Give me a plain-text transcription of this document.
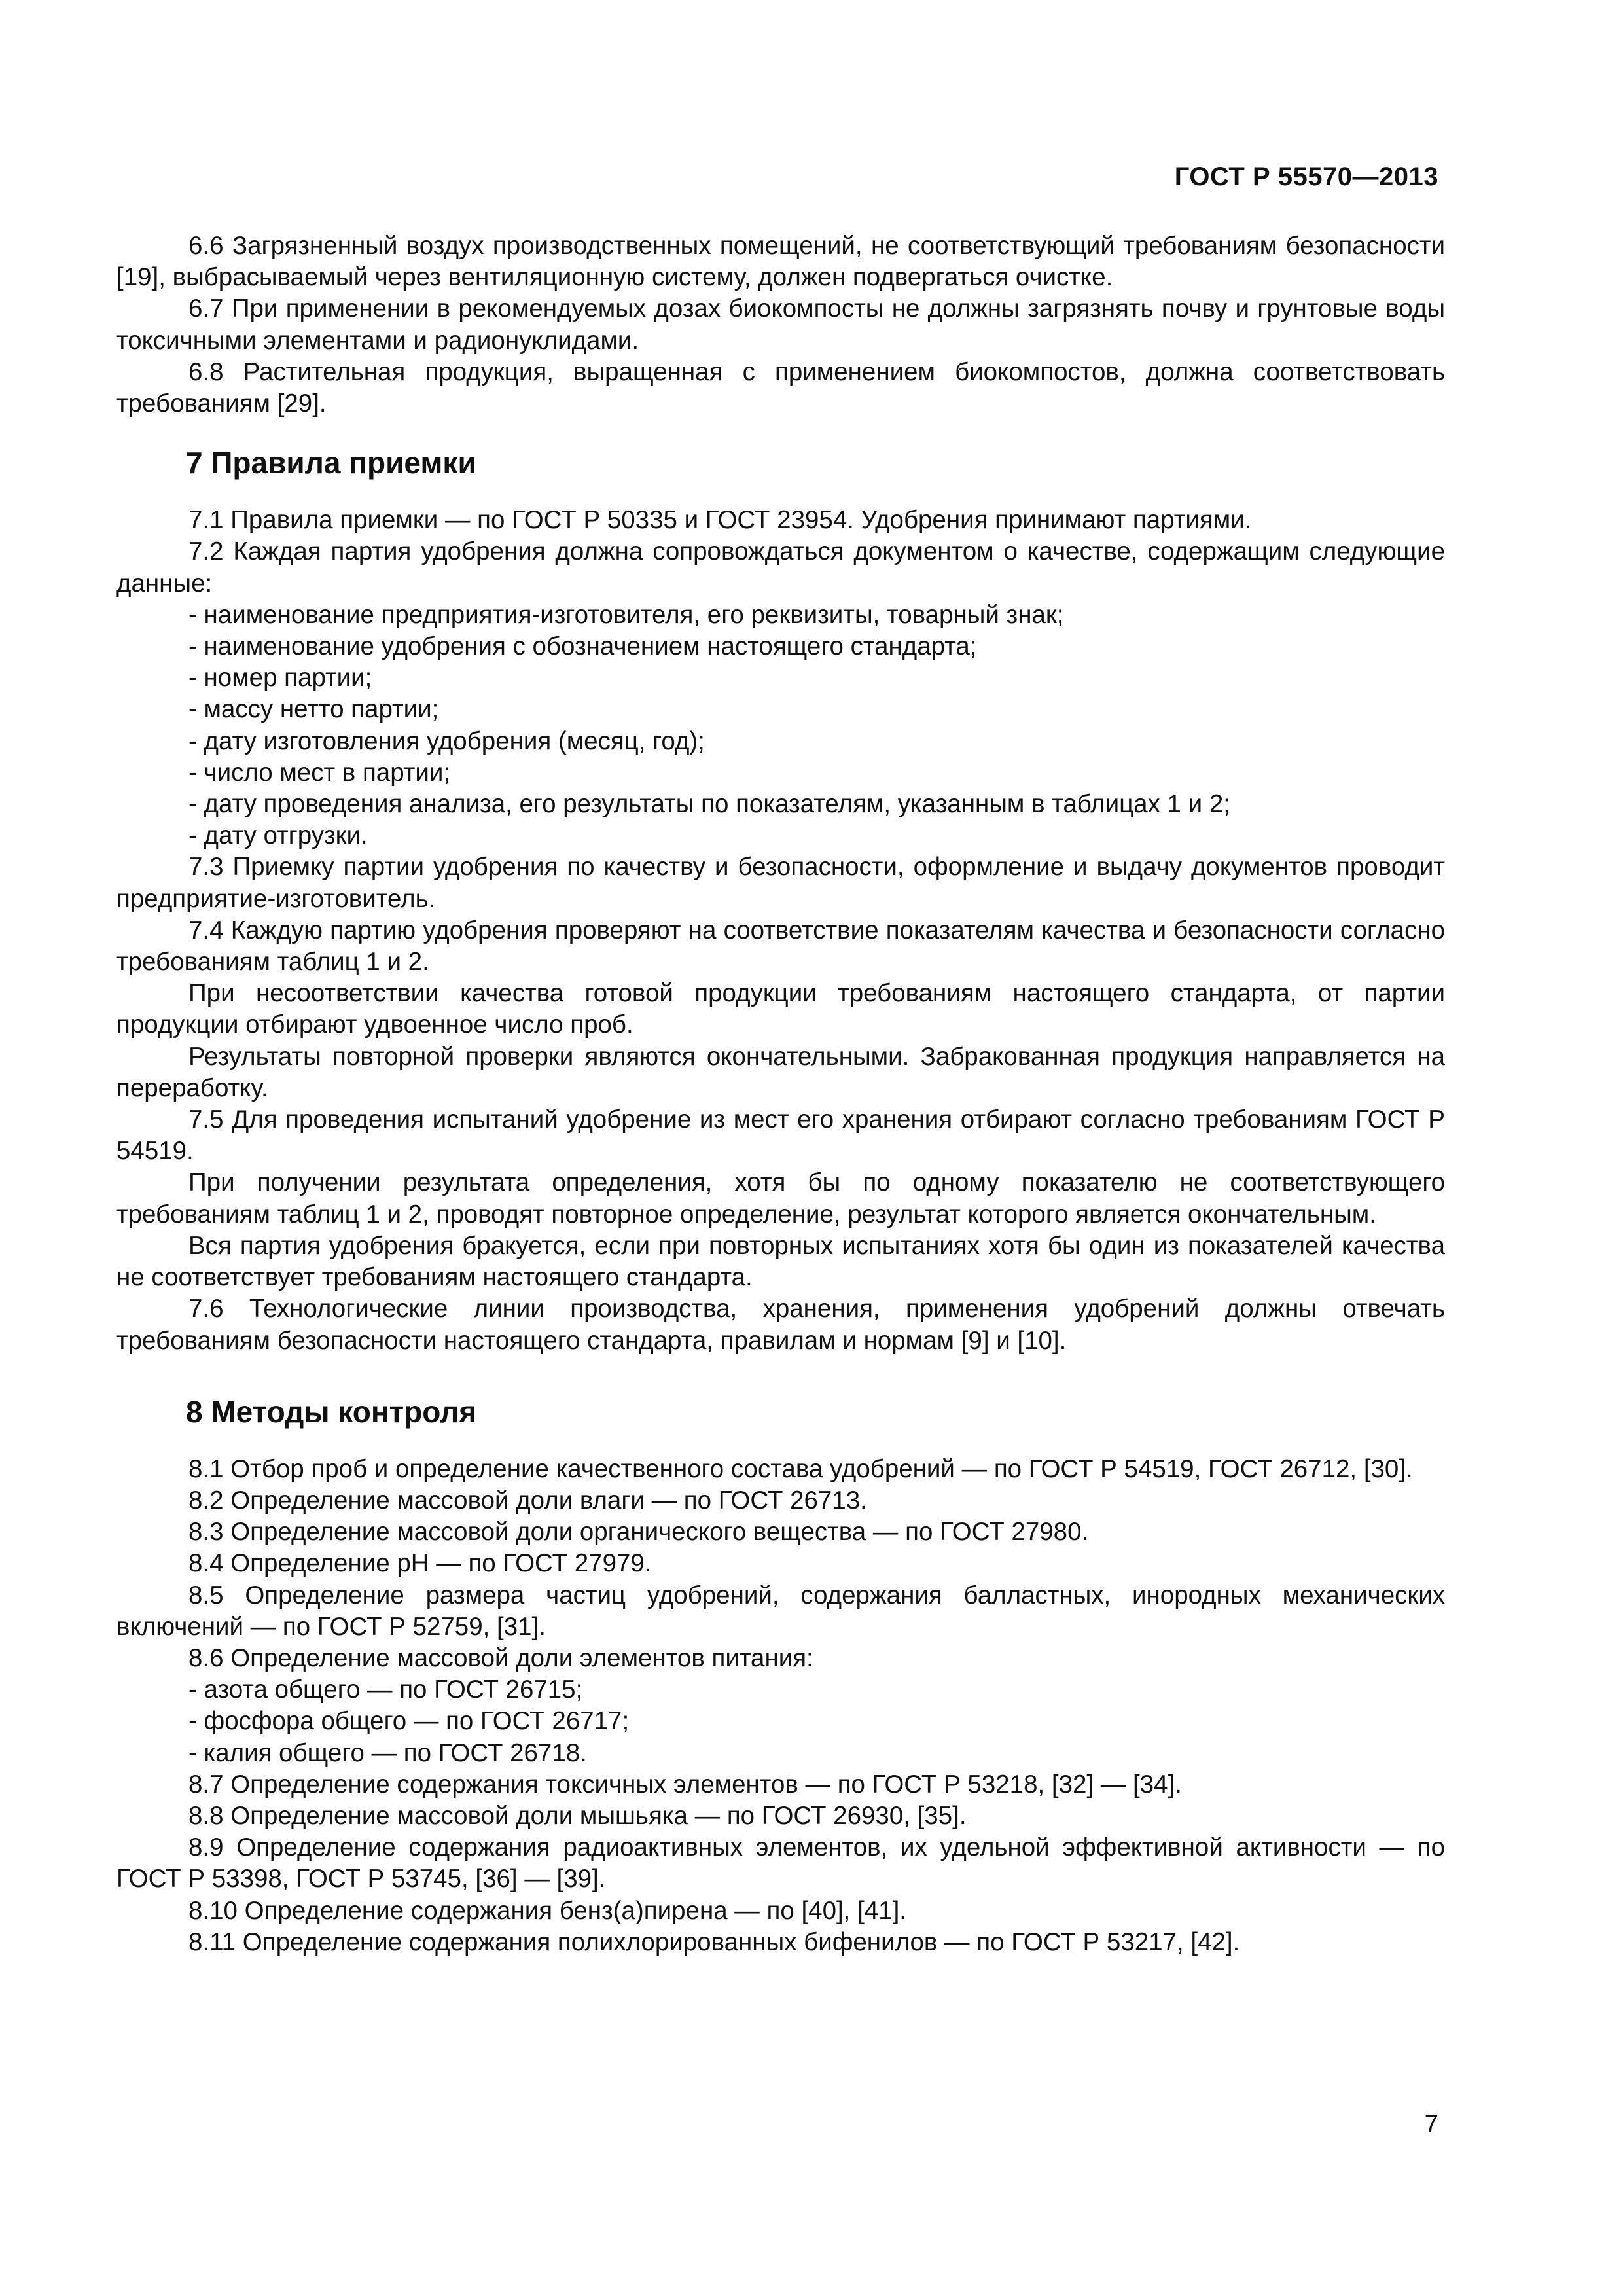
ГОСТ Р 55570—2013

6.6 Загрязненный воздух производственных помещений, не соответствующий требованиям безопасности [19], выбрасываемый через вентиляционную систему, должен подвергаться очистке.

6.7 При применении в рекомендуемых дозах биокомпосты не должны загрязнять почву и грунтовые воды токсичными элементами и радионуклидами.

6.8 Растительная продукция, выращенная с применением биокомпостов, должна соответствовать требованиям [29].

7 Правила приемки

7.1 Правила приемки — по ГОСТ Р 50335 и ГОСТ 23954. Удобрения принимают партиями.

7.2 Каждая партия удобрения должна сопровождаться документом о качестве, содержащим следующие данные:

- наименование предприятия-изготовителя, его реквизиты, товарный знак;

- наименование удобрения с обозначением настоящего стандарта;

- номер партии;

- массу нетто партии;

- дату изготовления удобрения (месяц, год);

- число мест в партии;

- дату проведения анализа, его результаты по показателям, указанным в таблицах 1 и 2;

- дату отгрузки.

7.3 Приемку партии удобрения по качеству и безопасности, оформление и выдачу документов проводит предприятие-изготовитель.

7.4 Каждую партию удобрения проверяют на соответствие показателям качества и безопасности согласно требованиям таблиц 1 и 2.

При несоответствии качества готовой продукции требованиям настоящего стандарта, от партии продукции отбирают удвоенное число проб.

Результаты повторной проверки являются окончательными. Забракованная продукция направляется на переработку.

7.5 Для проведения испытаний удобрение из мест его хранения отбирают согласно требованиям ГОСТ Р 54519.

При получении результата определения, хотя бы по одному показателю не соответствующего требованиям таблиц 1 и 2, проводят повторное определение, результат которого является окончательным.

Вся партия удобрения бракуется, если при повторных испытаниях хотя бы один из показателей качества не соответствует требованиям настоящего стандарта.

7.6 Технологические линии производства, хранения, применения удобрений должны отвечать требованиям безопасности настоящего стандарта, правилам и нормам [9] и [10].

8 Методы контроля

8.1 Отбор проб и определение качественного состава удобрений — по ГОСТ Р 54519, ГОСТ 26712, [30].

8.2 Определение массовой доли влаги — по ГОСТ 26713.

8.3 Определение массовой доли органического вещества — по ГОСТ 27980.

8.4 Определение рН — по ГОСТ 27979.

8.5 Определение размера частиц удобрений, содержания балластных, инородных механических включений — по ГОСТ Р 52759, [31].

8.6 Определение массовой доли элементов питания:

- азота общего — по ГОСТ 26715;

- фосфора общего — по ГОСТ 26717;

- калия общего — по ГОСТ 26718.

8.7 Определение содержания токсичных элементов — по ГОСТ Р 53218, [32] — [34].

8.8 Определение массовой доли мышьяка — по ГОСТ 26930, [35].

8.9 Определение содержания радиоактивных элементов, их удельной эффективной активности — по ГОСТ Р 53398, ГОСТ Р 53745, [36] — [39].

8.10 Определение содержания бенз(а)пирена — по [40], [41].

8.11 Определение содержания полихлорированных бифенилов — по ГОСТ Р 53217, [42].

7
